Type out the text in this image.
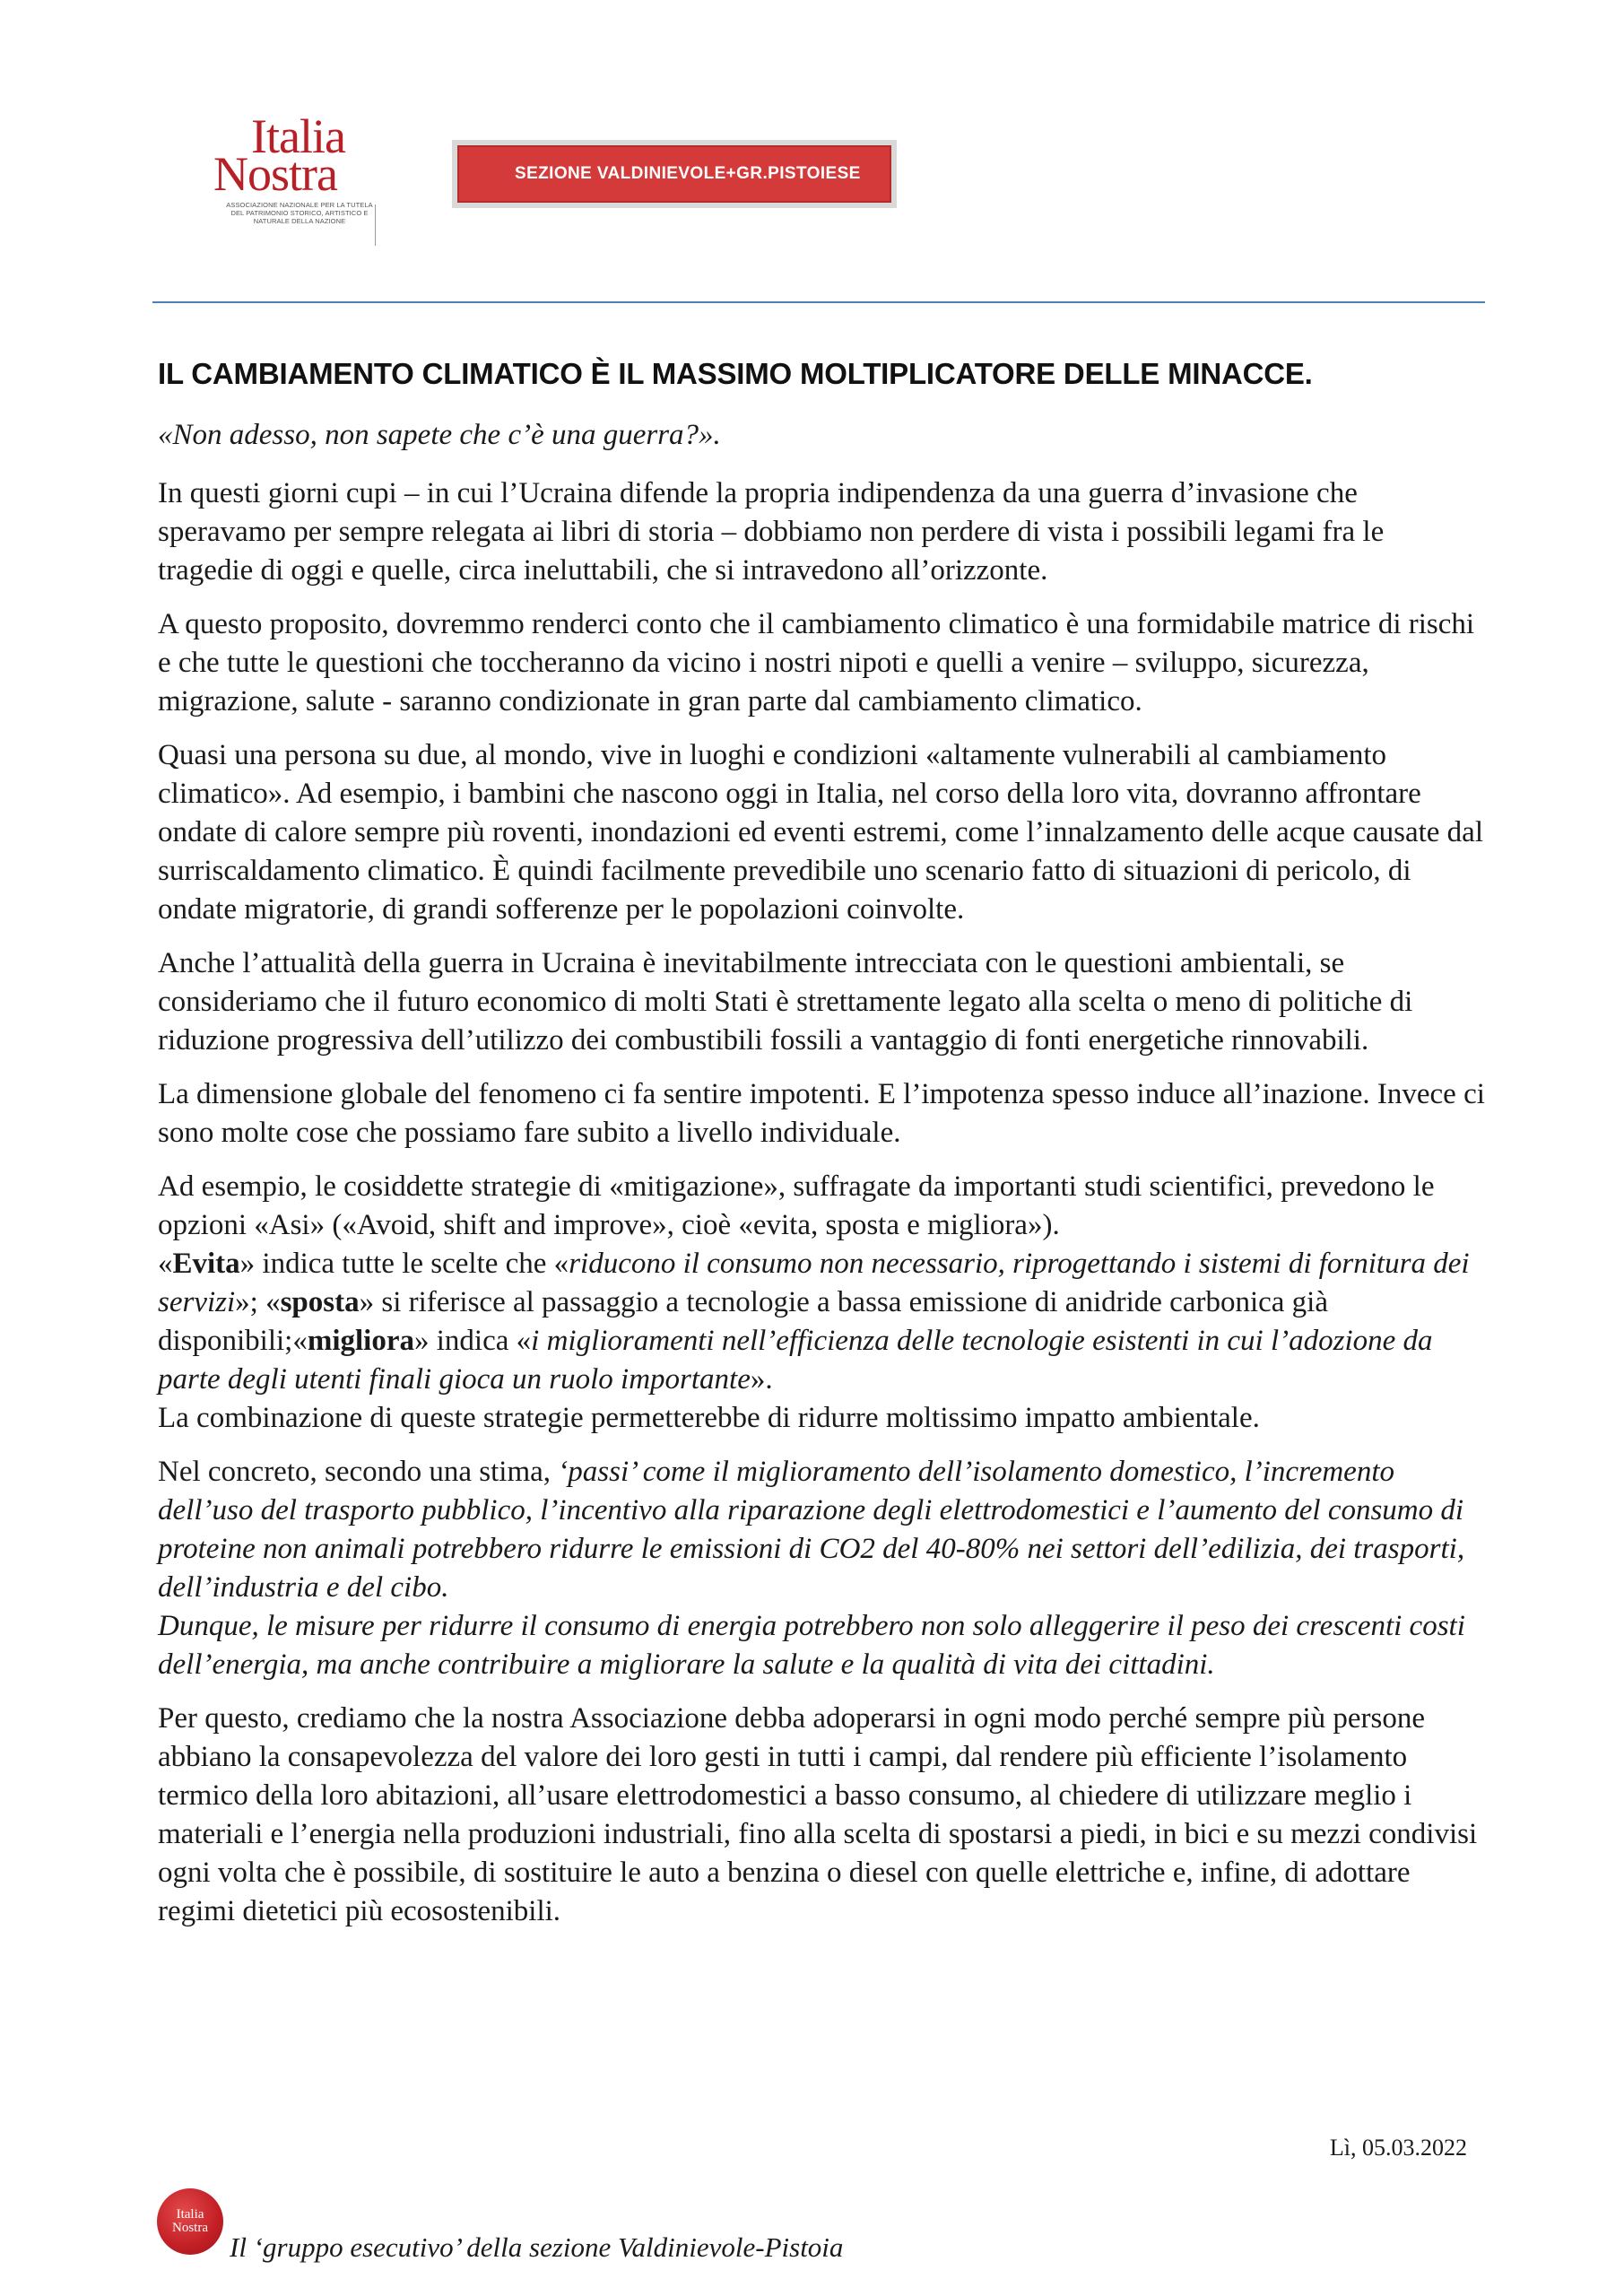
Italia
Nostra
ASSOCIAZIONE NAZIONALE PER LA TUTELA DEL PATRIMONIO STORICO, ARTISTICO E NATURALE DELLA NAZIONE
SEZIONE VALDINIEVOLE+GR.PISTOIESE
IL CAMBIAMENTO CLIMATICO È IL MASSIMO MOLTIPLICATORE DELLE MINACCE.

«Non adesso, non sapete che c’è una guerra?».

In questi giorni cupi – in cui l’Ucraina difende la propria indipendenza da una guerra d’invasione che speravamo per sempre relegata ai libri di storia – dobbiamo non perdere di vista i possibili legami fra le tragedie di oggi e quelle, circa ineluttabili, che si intravedono all’orizzonte.

A questo proposito, dovremmo renderci conto che il cambiamento climatico è una formidabile matrice di rischi e che tutte le questioni che toccheranno da vicino i nostri nipoti e quelli a venire – sviluppo, sicurezza, migrazione, salute - saranno condizionate in gran parte dal cambiamento climatico.

Quasi una persona su due, al mondo, vive in luoghi e condizioni «altamente vulnerabili al cambiamento climatico». Ad esempio, i bambini che nascono oggi in Italia, nel corso della loro vita, dovranno affrontare ondate di calore sempre più roventi, inondazioni ed eventi estremi, come l’innalzamento delle acque causate dal surriscaldamento climatico. È quindi facilmente prevedibile uno scenario fatto di situazioni di pericolo, di ondate migratorie, di grandi sofferenze per le popolazioni coinvolte.

Anche l’attualità della guerra in Ucraina è inevitabilmente intrecciata con le questioni ambientali, se consideriamo che il futuro economico di molti Stati è strettamente legato alla scelta o meno di politiche di riduzione progressiva dell’utilizzo dei combustibili fossili a vantaggio di fonti energetiche rinnovabili.

La dimensione globale del fenomeno ci fa sentire impotenti. E l’impotenza spesso induce all’inazione. Invece ci sono molte cose che possiamo fare subito a livello individuale.

Ad esempio, le cosiddette strategie di «mitigazione», suffragate da importanti studi scientifici, prevedono le opzioni «Asi» («Avoid, shift and improve», cioè «evita, sposta e migliora»).
«Evita» indica tutte le scelte che «riducono il consumo non necessario, riprogettando i sistemi di fornitura dei servizi»; «sposta» si riferisce al passaggio a tecnologie a bassa emissione di anidride carbonica già disponibili;«migliora» indica «i miglioramenti nell’efficienza delle tecnologie esistenti in cui l’adozione da parte degli utenti finali gioca un ruolo importante».
La combinazione di queste strategie permetterebbe di ridurre moltissimo impatto ambientale.

Nel concreto, secondo una stima, ‘passi’ come il miglioramento dell’isolamento domestico, l’incremento dell’uso del trasporto pubblico, l’incentivo alla riparazione degli elettrodomestici e l’aumento del consumo di proteine non animali potrebbero ridurre le emissioni di CO2 del 40-80% nei settori dell’edilizia, dei trasporti, dell’industria e del cibo.
Dunque, le misure per ridurre il consumo di energia potrebbero non solo alleggerire il peso dei crescenti costi dell’energia, ma anche contribuire a migliorare la salute e la qualità di vita dei cittadini.

Per questo, crediamo che la nostra Associazione debba adoperarsi in ogni modo perché sempre più persone abbiano la consapevolezza del valore dei loro gesti in tutti i campi, dal rendere più efficiente l’isolamento termico della loro abitazioni, all’usare elettrodomestici a basso consumo, al chiedere di utilizzare meglio i materiali e l’energia nella produzioni industriali, fino alla scelta di spostarsi a piedi, in bici e su mezzi condivisi ogni volta che è possibile, di sostituire le auto a benzina o diesel con quelle elettriche e, infine, di adottare regimi dietetici più ecosostenibili.

Lì, 05.03.2022
Italia
Nostra
Il ‘gruppo esecutivo’ della sezione Valdinievole-Pistoia
